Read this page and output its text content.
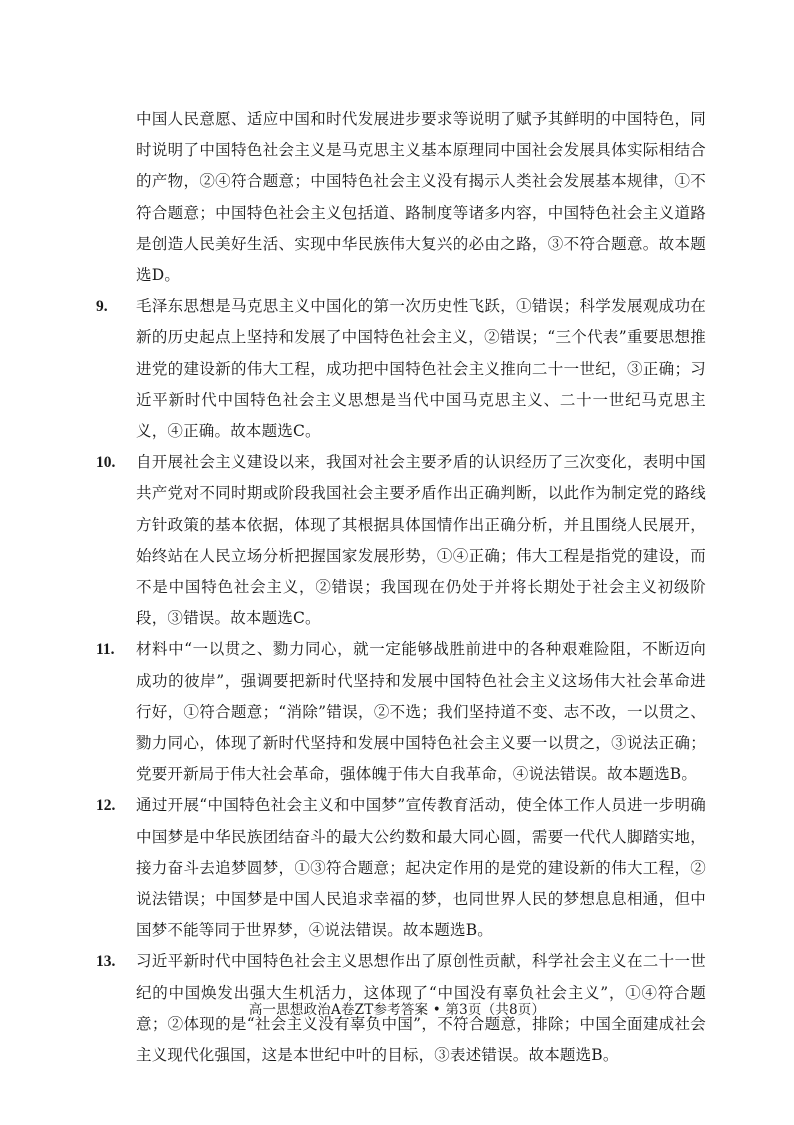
中国人民意愿、适应中国和时代发展进步要求等说明了赋予其鲜明的中国特色，同时说明了中国特色社会主义是马克思主义基本原理同中国社会发展具体实际相结合的产物，②④符合题意；中国特色社会主义没有揭示人类社会发展基本规律，①不符合题意；中国特色社会主义包括道、路制度等诸多内容，中国特色社会主义道路是创造人民美好生活、实现中华民族伟大复兴的必由之路，③不符合题意。故本题选D。
9.	毛泽东思想是马克思主义中国化的第一次历史性飞跃，①错误；科学发展观成功在新的历史起点上坚持和发展了中国特色社会主义，②错误；“三个代表”重要思想推进党的建设新的伟大工程，成功把中国特色社会主义推向二十一世纪，③正确；习近平新时代中国特色社会主义思想是当代中国马克思主义、二十一世纪马克思主义，④正确。故本题选C。
10.	自开展社会主义建设以来，我国对社会主要矛盾的认识经历了三次变化，表明中国共产党对不同时期或阶段我国社会主要矛盾作出正确判断，以此作为制定党的路线方针政策的基本依据，体现了其根据具体国情作出正确分析，并且围绕人民展开，始终站在人民立场分析把握国家发展形势，①④正确；伟大工程是指党的建设，而不是中国特色社会主义，②错误；我国现在仍处于并将长期处于社会主义初级阶段，③错误。故本题选C。
11.	材料中“一以贯之、勠力同心，就一定能够战胜前进中的各种艰难险阻，不断迈向成功的彼岸”，强调要把新时代坚持和发展中国特色社会主义这场伟大社会革命进行好，①符合题意；“消除”错误，②不选；我们坚持道不变、志不改，一以贯之、勠力同心，体现了新时代坚持和发展中国特色社会主义要一以贯之，③说法正确；党要开新局于伟大社会革命，强体魄于伟大自我革命，④说法错误。故本题选B。
12.	通过开展“中国特色社会主义和中国梦”宣传教育活动，使全体工作人员进一步明确中国梦是中华民族团结奋斗的最大公约数和最大同心圆，需要一代代人脚踏实地，接力奋斗去追梦圆梦，①③符合题意；起决定作用的是党的建设新的伟大工程，②说法错误；中国梦是中国人民追求幸福的梦，也同世界人民的梦想息息相通，但中国梦不能等同于世界梦，④说法错误。故本题选B。
13.	习近平新时代中国特色社会主义思想作出了原创性贡献，科学社会主义在二十一世纪的中国焕发出强大生机活力，这体现了“中国没有辜负社会主义”，①④符合题意；②体现的是“社会主义没有辜负中国”，不符合题意，排除；中国全面建成社会主义现代化强国，这是本世纪中叶的目标，③表述错误。故本题选B。
高一思想政治A卷ZT参考答案 • 第3页（共8页）
